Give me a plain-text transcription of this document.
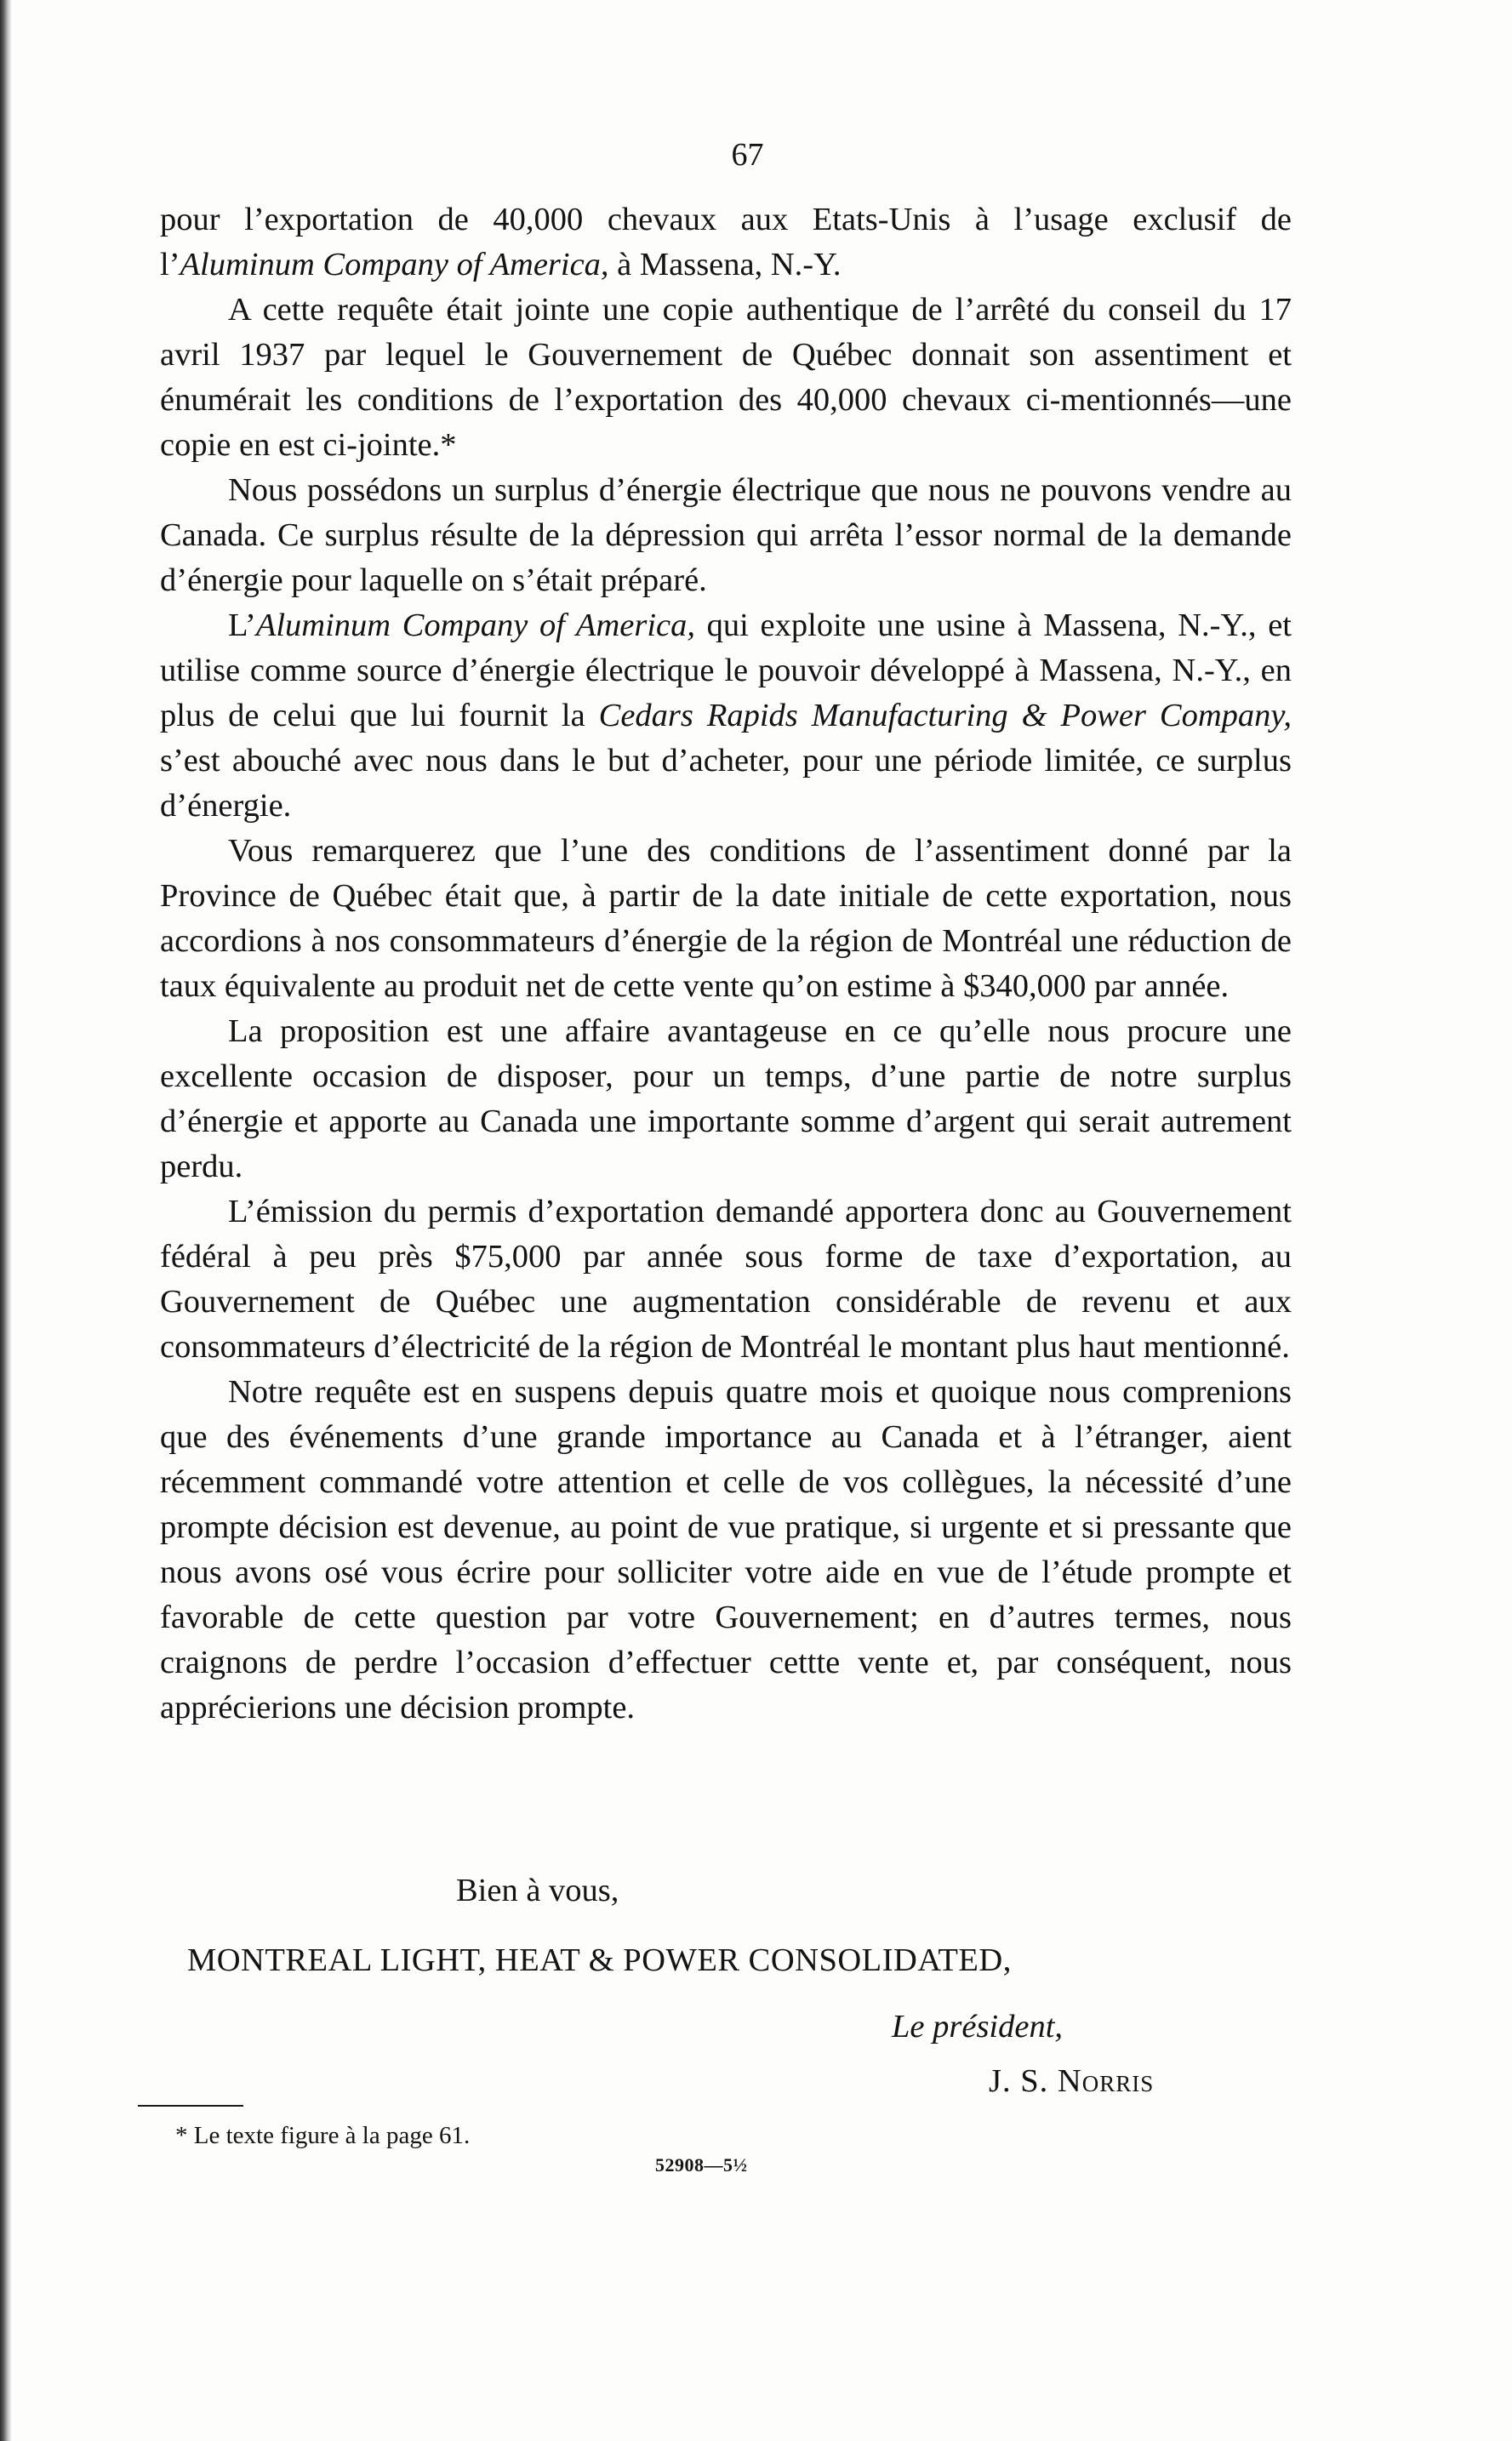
67

pour l’exportation de 40,000 chevaux aux Etats-Unis à l’usage exclusif de l’Aluminum Company of America, à Massena, N.-Y.

A cette requête était jointe une copie authentique de l’arrêté du conseil du 17 avril 1937 par lequel le Gouvernement de Québec donnait son assentiment et énumérait les conditions de l’exportation des 40,000 chevaux ci-mentionnés—une copie en est ci-jointe.*

Nous possédons un surplus d’énergie électrique que nous ne pouvons vendre au Canada. Ce surplus résulte de la dépression qui arrêta l’essor normal de la demande d’énergie pour laquelle on s’était préparé.

L’Aluminum Company of America, qui exploite une usine à Massena, N.-Y., et utilise comme source d’énergie électrique le pouvoir développé à Massena, N.-Y., en plus de celui que lui fournit la Cedars Rapids Manufacturing & Power Company, s’est abouché avec nous dans le but d’acheter, pour une période limitée, ce surplus d’énergie.

Vous remarquerez que l’une des conditions de l’assentiment donné par la Province de Québec était que, à partir de la date initiale de cette exportation, nous accordions à nos consommateurs d’énergie de la région de Montréal une réduction de taux équivalente au produit net de cette vente qu’on estime à $340,000 par année.

La proposition est une affaire avantageuse en ce qu’elle nous procure une excellente occasion de disposer, pour un temps, d’une partie de notre surplus d’énergie et apporte au Canada une importante somme d’argent qui serait autrement perdu.

L’émission du permis d’exportation demandé apportera donc au Gouvernement fédéral à peu près $75,000 par année sous forme de taxe d’exportation, au Gouvernement de Québec une augmentation considérable de revenu et aux consommateurs d’électricité de la région de Montréal le montant plus haut mentionné.

Notre requête est en suspens depuis quatre mois et quoique nous comprenions que des événements d’une grande importance au Canada et à l’étranger, aient récemment commandé votre attention et celle de vos collègues, la nécessité d’une prompte décision est devenue, au point de vue pratique, si urgente et si pressante que nous avons osé vous écrire pour solliciter votre aide en vue de l’étude prompte et favorable de cette question par votre Gouvernement; en d’autres termes, nous craignons de perdre l’occasion d’effectuer cettte vente et, par conséquent, nous apprécierions une décision prompte.

Bien à vous,
MONTREAL LIGHT, HEAT & POWER CONSOLIDATED,
Le président,
J. S. Norris
* Le texte figure à la page 61.
52908—5½
